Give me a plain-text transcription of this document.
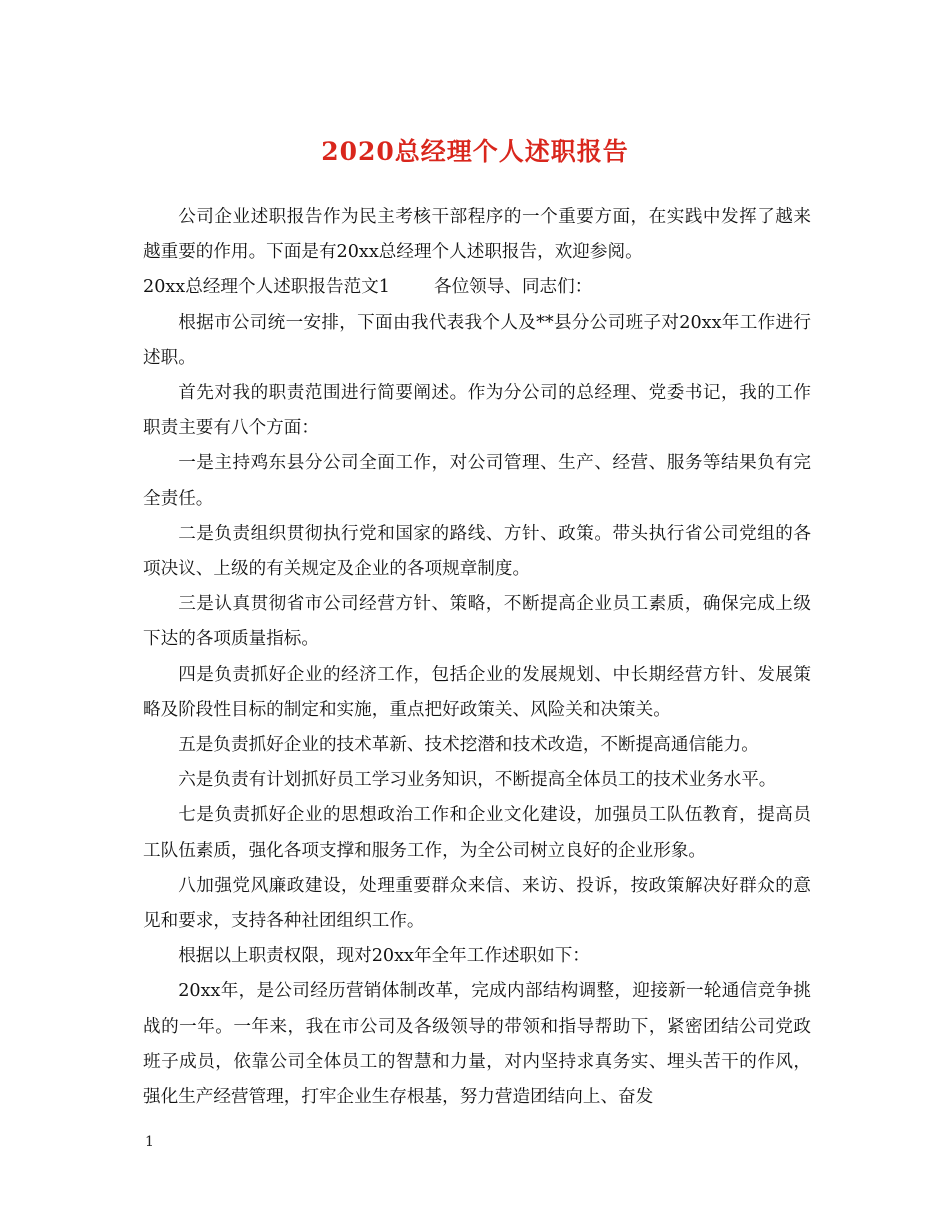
2020总经理个人述职报告

公司企业述职报告作为民主考核干部程序的一个重要方面，在实践中发挥了越来越重要的作用。下面是有20xx总经理个人述职报告，欢迎参阅。

20xx总经理个人述职报告范文1	各位领导、同志们：

根据市公司统一安排，下面由我代表我个人及**县分公司班子对20xx年工作进行述职。

首先对我的职责范围进行简要阐述。作为分公司的总经理、党委书记，我的工作职责主要有八个方面：

一是主持鸡东县分公司全面工作，对公司管理、生产、经营、服务等结果负有完全责任。

二是负责组织贯彻执行党和国家的路线、方针、政策。带头执行省公司党组的各项决议、上级的有关规定及企业的各项规章制度。

三是认真贯彻省市公司经营方针、策略，不断提高企业员工素质，确保完成上级下达的各项质量指标。

四是负责抓好企业的经济工作，包括企业的发展规划、中长期经营方针、发展策略及阶段性目标的制定和实施，重点把好政策关、风险关和决策关。

五是负责抓好企业的技术革新、技术挖潜和技术改造，不断提高通信能力。

六是负责有计划抓好员工学习业务知识，不断提高全体员工的技术业务水平。

七是负责抓好企业的思想政治工作和企业文化建设，加强员工队伍教育，提高员工队伍素质，强化各项支撑和服务工作，为全公司树立良好的企业形象。

八加强党风廉政建设，处理重要群众来信、来访、投诉，按政策解决好群众的意见和要求，支持各种社团组织工作。

根据以上职责权限，现对20xx年全年工作述职如下：

20xx年，是公司经历营销体制改革，完成内部结构调整，迎接新一轮通信竞争挑战的一年。一年来，我在市公司及各级领导的带领和指导帮助下，紧密团结公司党政班子成员，依靠公司全体员工的智慧和力量，对内坚持求真务实、埋头苦干的作风，强化生产经营管理，打牢企业生存根基，努力营造团结向上、奋发

1
